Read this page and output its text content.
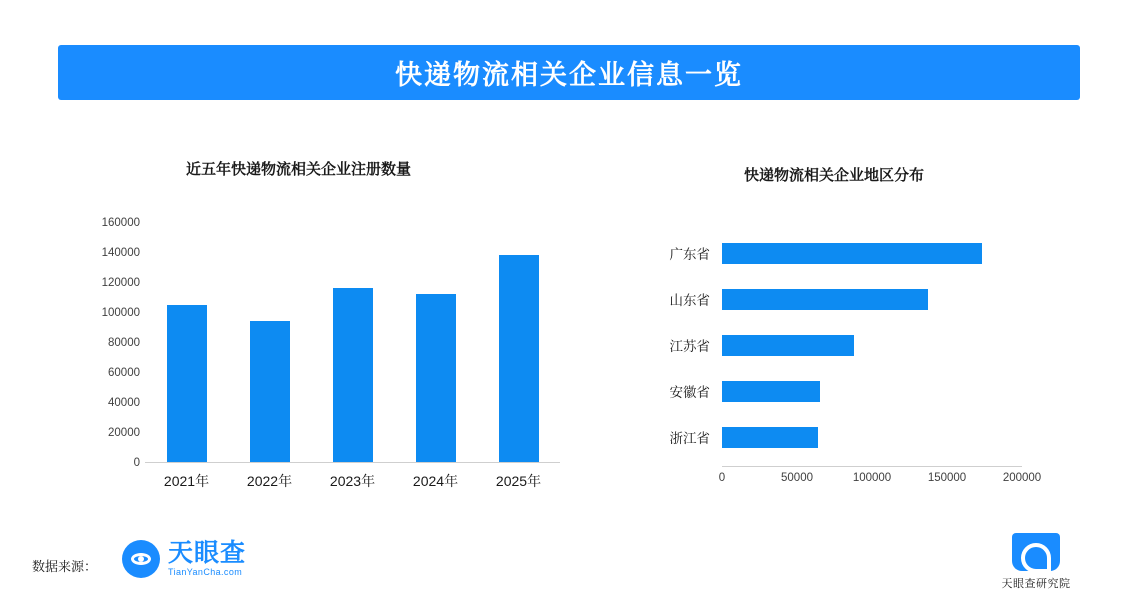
快递物流相关企业信息一览
近五年快递物流相关企业注册数量	快递物流相关企业地区分布
0
20000
40000
60000
80000
100000
120000
140000
160000
2021年	2022年	2023年	2024年	2025年
广东省
山东省
江苏省
安徽省
浙江省
0	50000	100000	150000	200000
数据来源：	天眼查
TianYanCha.com
天眼查研究院
